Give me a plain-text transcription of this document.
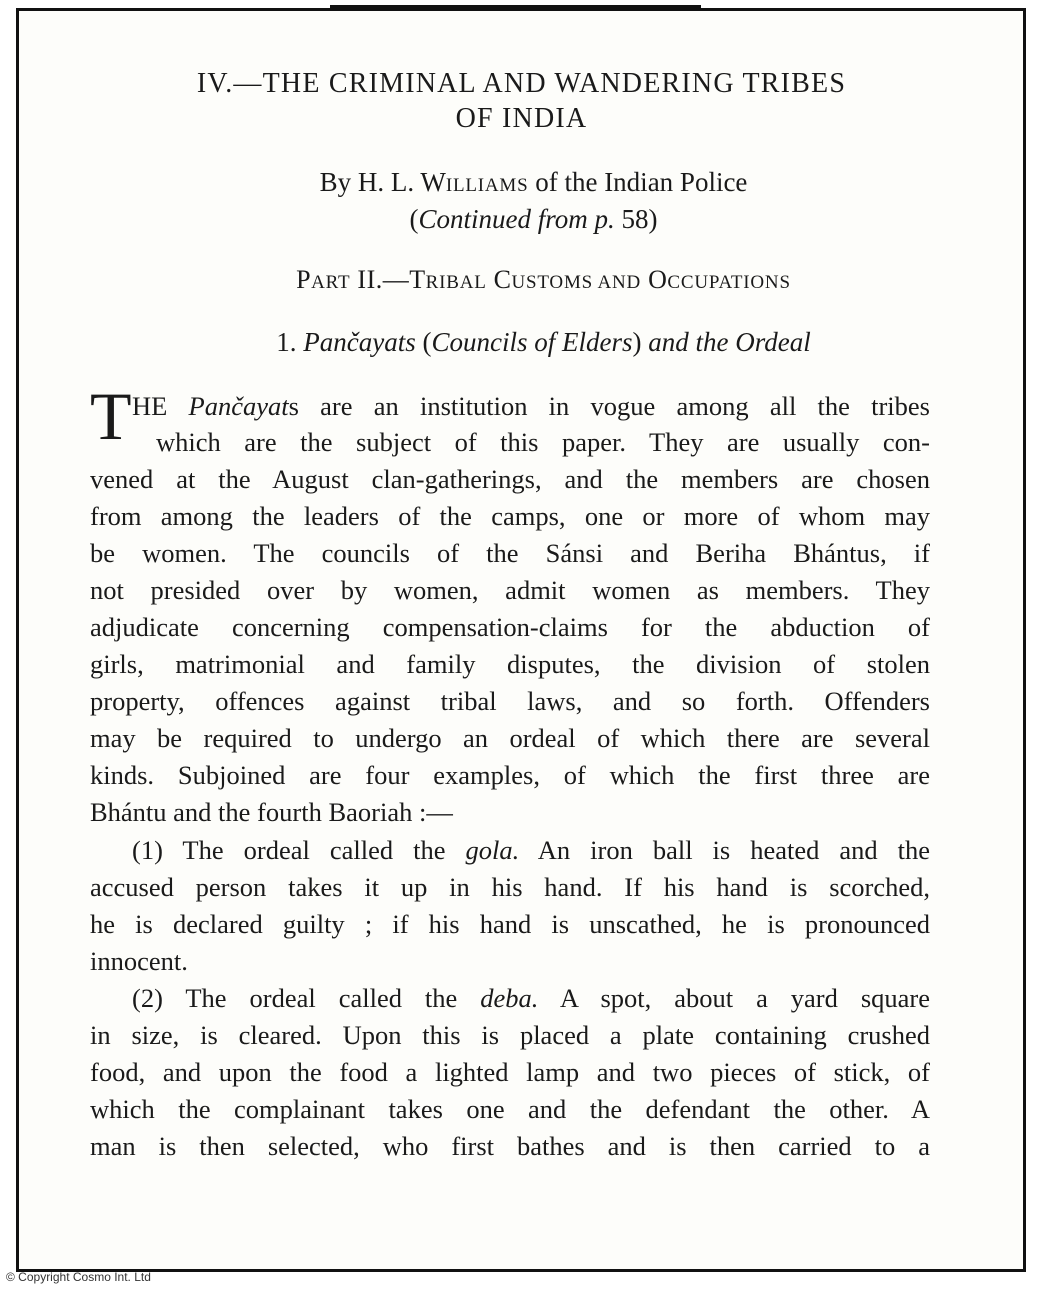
IV.—THE CRIMINAL AND WANDERING TRIBES
OF INDIA
By H. L. WILLIAMS of the Indian Police
(Continued from p. 58)
PART II.—TRIBAL CUSTOMS AND OCCUPATIONS
1. Pančayats (Councils of Elders) and the Ordeal
T HE Pančayats are an institution in vogue among all the tribes
which are the subject of this paper. They are usually con-
vened at the August clan-gatherings, and the members are chosen
from among the leaders of the camps, one or more of whom may
be women. The councils of the Sánsi and Beriha Bhántus, if
not presided over by women, admit women as members. They
adjudicate concerning compensation-claims for the abduction of
girls, matrimonial and family disputes, the division of stolen
property, offences against tribal laws, and so forth. Offenders
may be required to undergo an ordeal of which there are several
kinds. Subjoined are four examples, of which the first three are
Bhántu and the fourth Baoriah :—
(1) The ordeal called the gola. An iron ball is heated and the
accused person takes it up in his hand. If his hand is scorched,
he is declared guilty ; if his hand is unscathed, he is pronounced
innocent.
(2) The ordeal called the deba. A spot, about a yard square
in size, is cleared. Upon this is placed a plate containing crushed
food, and upon the food a lighted lamp and two pieces of stick, of
which the complainant takes one and the defendant the other. A
man is then selected, who first bathes and is then carried to a
© Copyright Cosmo Int. Ltd
